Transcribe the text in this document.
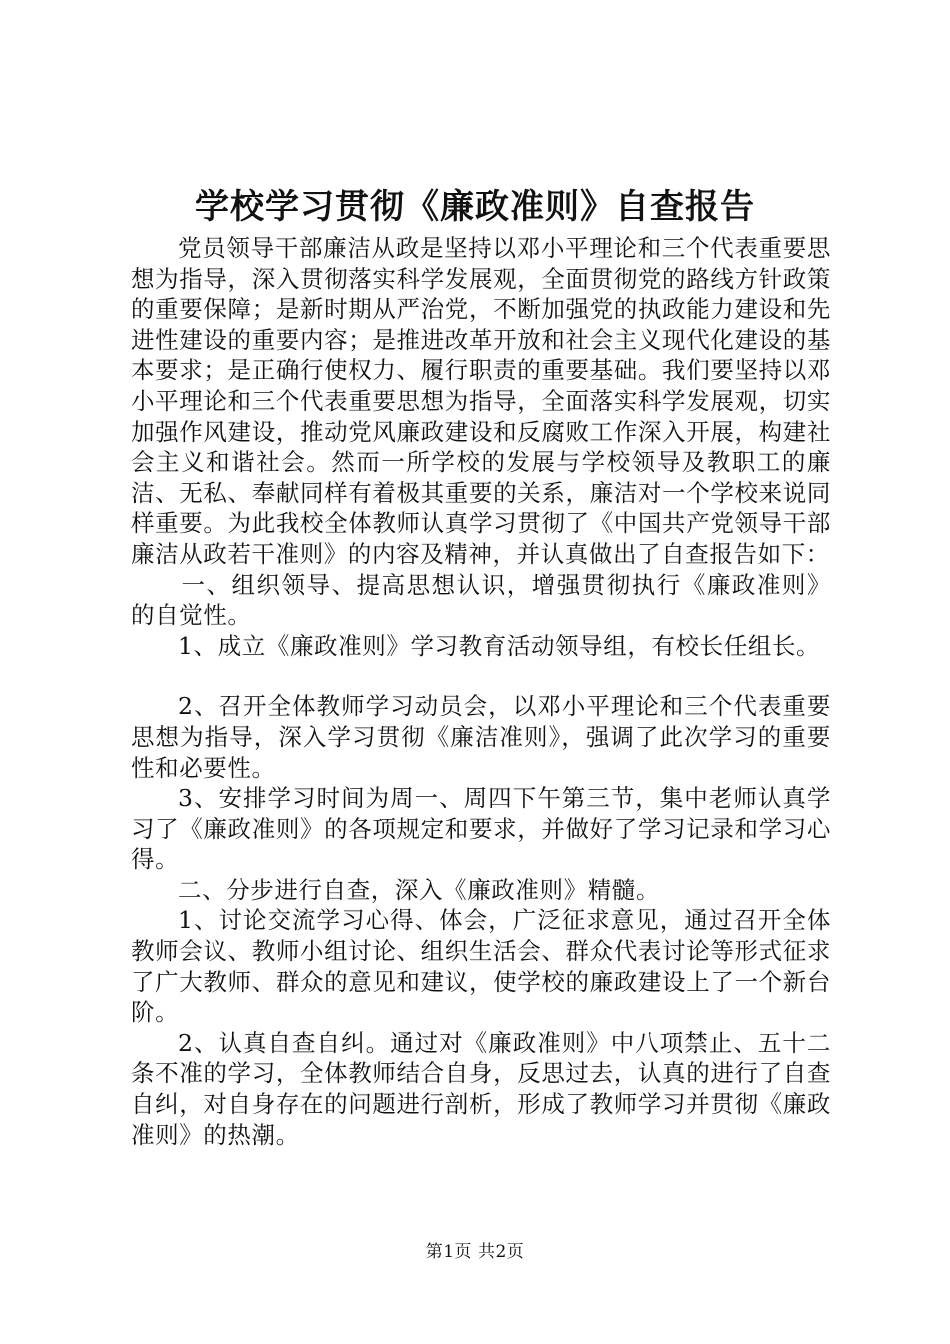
学校学习贯彻《廉政准则》自查报告

党员领导干部廉洁从政是坚持以邓小平理论和三个代表重要思想为指导，深入贯彻落实科学发展观，全面贯彻党的路线方针政策的重要保障；是新时期从严治党，不断加强党的执政能力建设和先进性建设的重要内容；是推进改革开放和社会主义现代化建设的基本要求；是正确行使权力、履行职责的重要基础。我们要坚持以邓小平理论和三个代表重要思想为指导，全面落实科学发展观，切实加强作风建设，推动党风廉政建设和反腐败工作深入开展，构建社会主义和谐社会。然而一所学校的发展与学校领导及教职工的廉洁、无私、奉献同样有着极其重要的关系，廉洁对一个学校来说同样重要。为此我校全体教师认真学习贯彻了《中国共产党领导干部廉洁从政若干准则》的内容及精神，并认真做出了自查报告如下：

一、组织领导、提高思想认识，增强贯彻执行《廉政准则》的自觉性。

1、成立《廉政准则》学习教育活动领导组，有校长任组长。

2、召开全体教师学习动员会，以邓小平理论和三个代表重要思想为指导，深入学习贯彻《廉洁准则》，强调了此次学习的重要性和必要性。

3、安排学习时间为周一、周四下午第三节，集中老师认真学习了《廉政准则》的各项规定和要求，并做好了学习记录和学习心得。

二、分步进行自查，深入《廉政准则》精髓。

1、讨论交流学习心得、体会，广泛征求意见，通过召开全体教师会议、教师小组讨论、组织生活会、群众代表讨论等形式征求了广大教师、群众的意见和建议，使学校的廉政建设上了一个新台阶。

2、认真自查自纠。通过对《廉政准则》中八项禁止、五十二条不准的学习，全体教师结合自身，反思过去，认真的进行了自查自纠，对自身存在的问题进行剖析，形成了教师学习并贯彻《廉政准则》的热潮。

第1页 共2页
